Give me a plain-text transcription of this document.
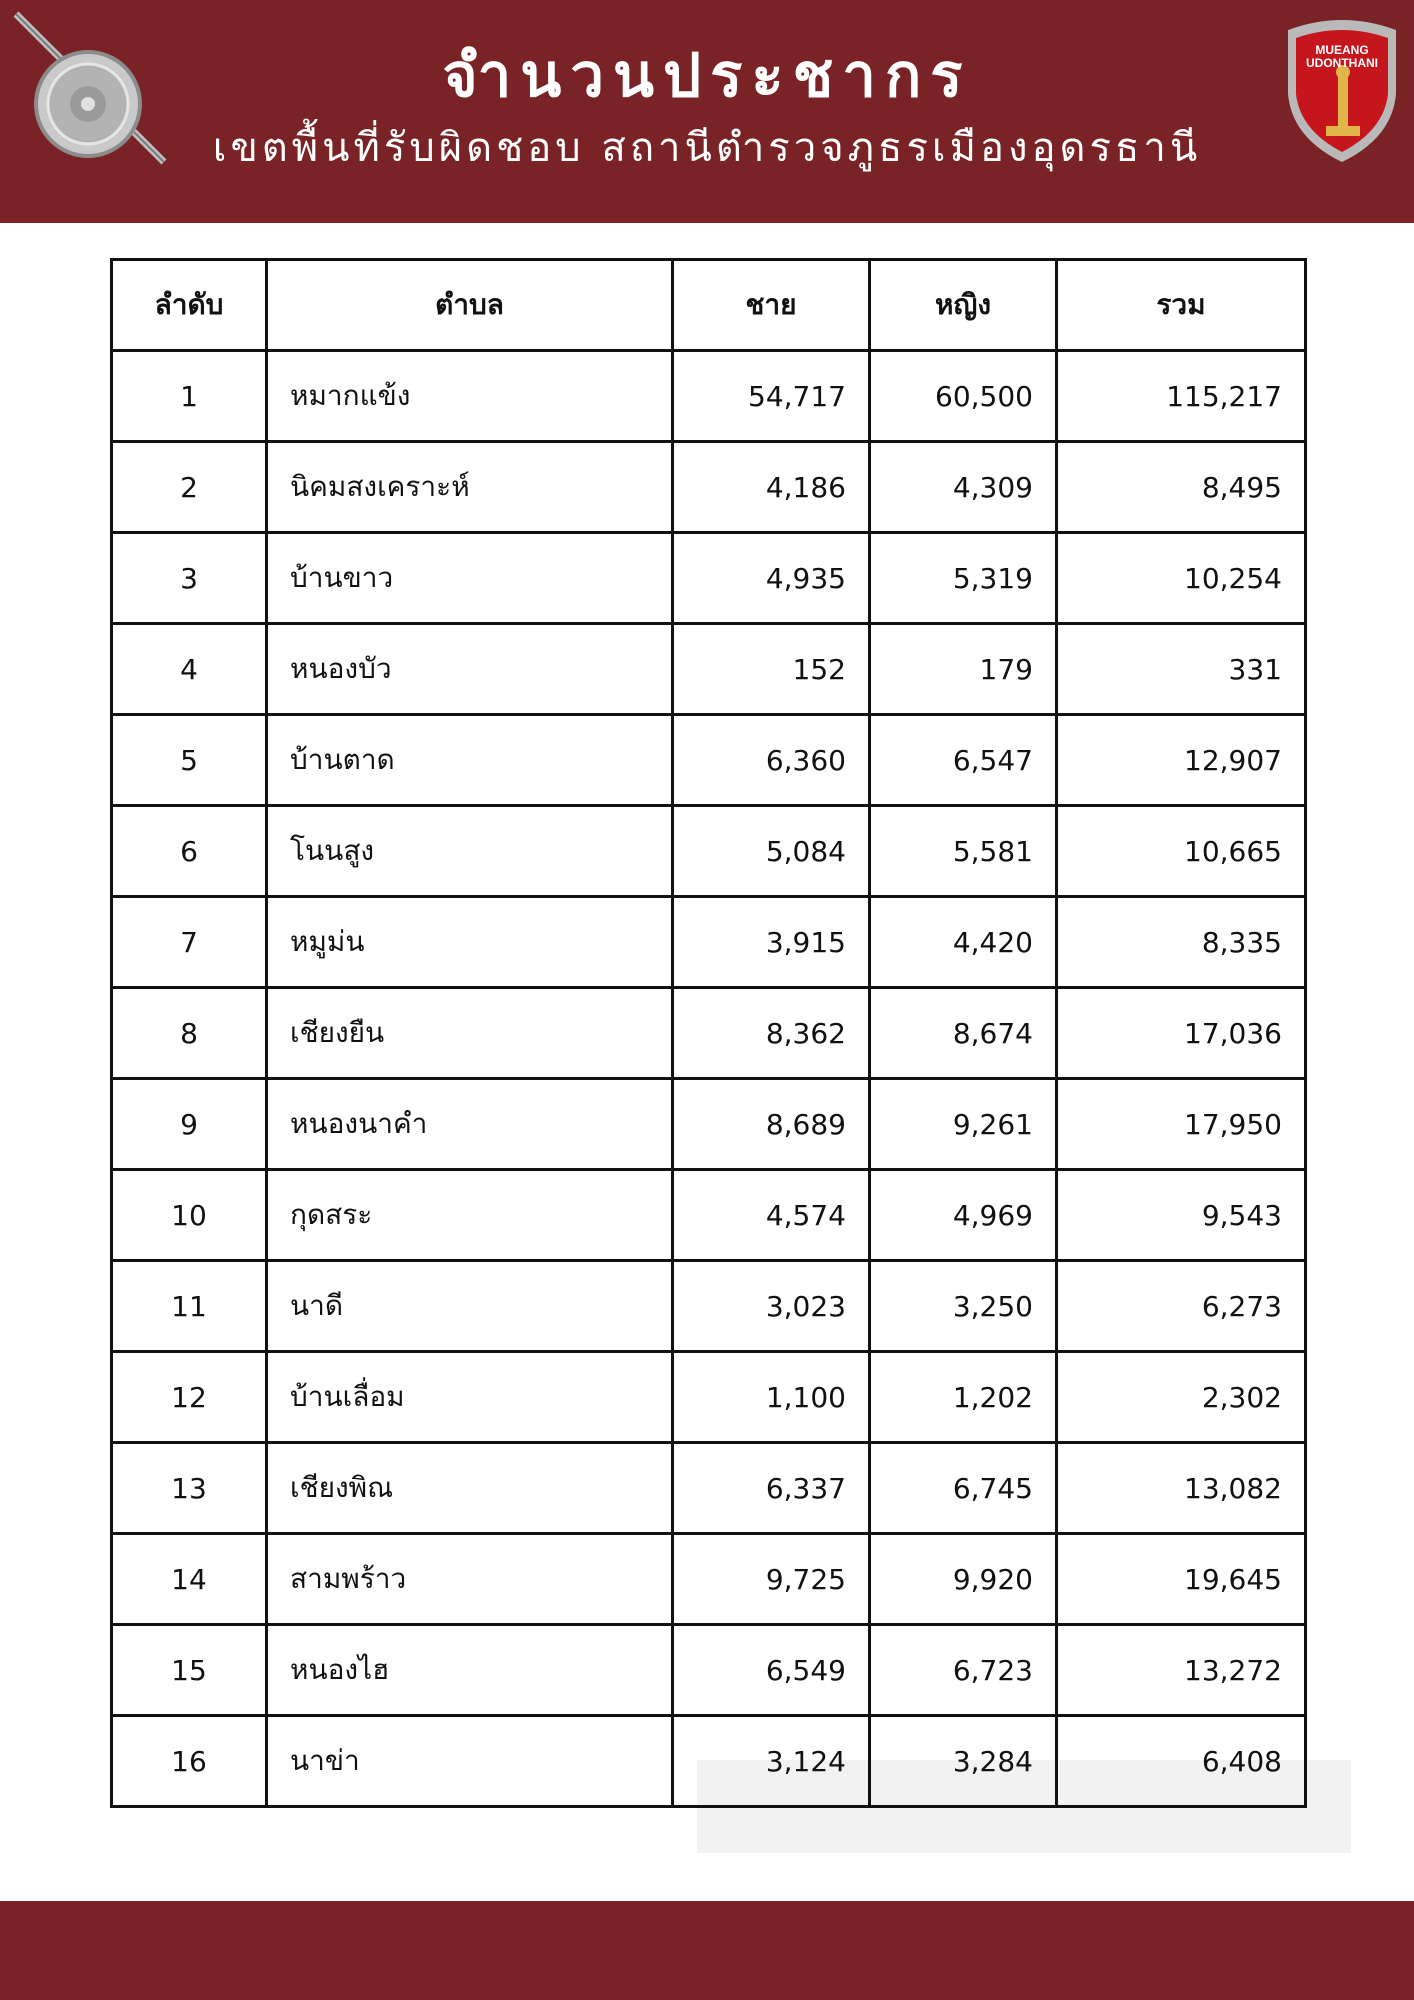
จำนวนประชากร
เขตพื้นที่รับผิดชอบ สถานีตำรวจภูธรเมืองอุดรธานี
MUEANG
UDONTHANI
ลำดับ	ตำบล	ชาย	หญิง	รวม
1	หมากแข้ง	54,717	60,500	115,217
2	นิคมสงเคราะห์	4,186	4,309	8,495
3	บ้านขาว	4,935	5,319	10,254
4	หนองบัว	152	179	331
5	บ้านตาด	6,360	6,547	12,907
6	โนนสูง	5,084	5,581	10,665
7	หมูม่น	3,915	4,420	8,335
8	เชียงยืน	8,362	8,674	17,036
9	หนองนาคำ	8,689	9,261	17,950
10	กุดสระ	4,574	4,969	9,543
11	นาดี	3,023	3,250	6,273
12	บ้านเลื่อม	1,100	1,202	2,302
13	เชียงพิณ	6,337	6,745	13,082
14	สามพร้าว	9,725	9,920	19,645
15	หนองไฮ	6,549	6,723	13,272
16	นาข่า	3,124	3,284	6,408
